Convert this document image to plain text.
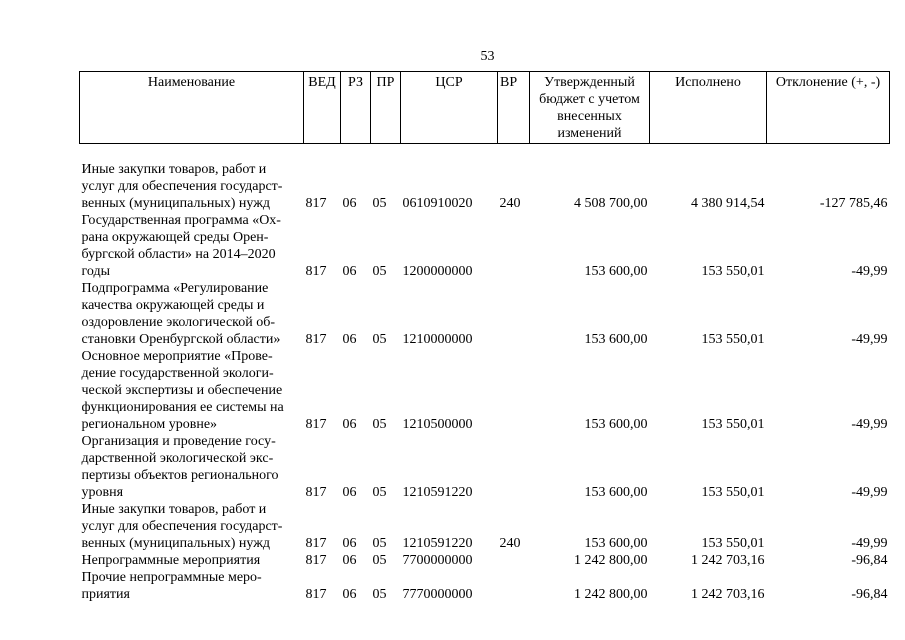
53
Наименование	ВЕД	РЗ	ПР	ЦСР	ВР	Утвержденный бюджет с учетом внесенных изменений	Исполнено	Отклонение (+, -)
Иные закупки товаров, работ и услуг для обеспечения государст-венных (муниципальных) нужд	817	06	05	0610910020	240	4 508 700,00	4 380 914,54	-127 785,46
Государственная программа «Ох-рана окружающей среды Орен-бургской области» на 2014–2020 годы	817	06	05	1200000000		153 600,00	153 550,01	-49,99
Подпрограмма «Регулирование качества окружающей среды и оздоровление экологической об-становки Оренбургской области»	817	06	05	1210000000		153 600,00	153 550,01	-49,99
Основное мероприятие «Прове-дение государственной экологи-ческой экспертизы и обеспечение функционирования ее системы на региональном уровне»	817	06	05	1210500000		153 600,00	153 550,01	-49,99
Организация и проведение госу-дарственной экологической экс-пертизы объектов регионального уровня	817	06	05	1210591220		153 600,00	153 550,01	-49,99
Иные закупки товаров, работ и услуг для обеспечения государст-венных (муниципальных) нужд	817	06	05	1210591220	240	153 600,00	153 550,01	-49,99
Непрограммные мероприятия	817	06	05	7700000000		1 242 800,00	1 242 703,16	-96,84
Прочие непрограммные меро-приятия	817	06	05	7770000000		1 242 800,00	1 242 703,16	-96,84
